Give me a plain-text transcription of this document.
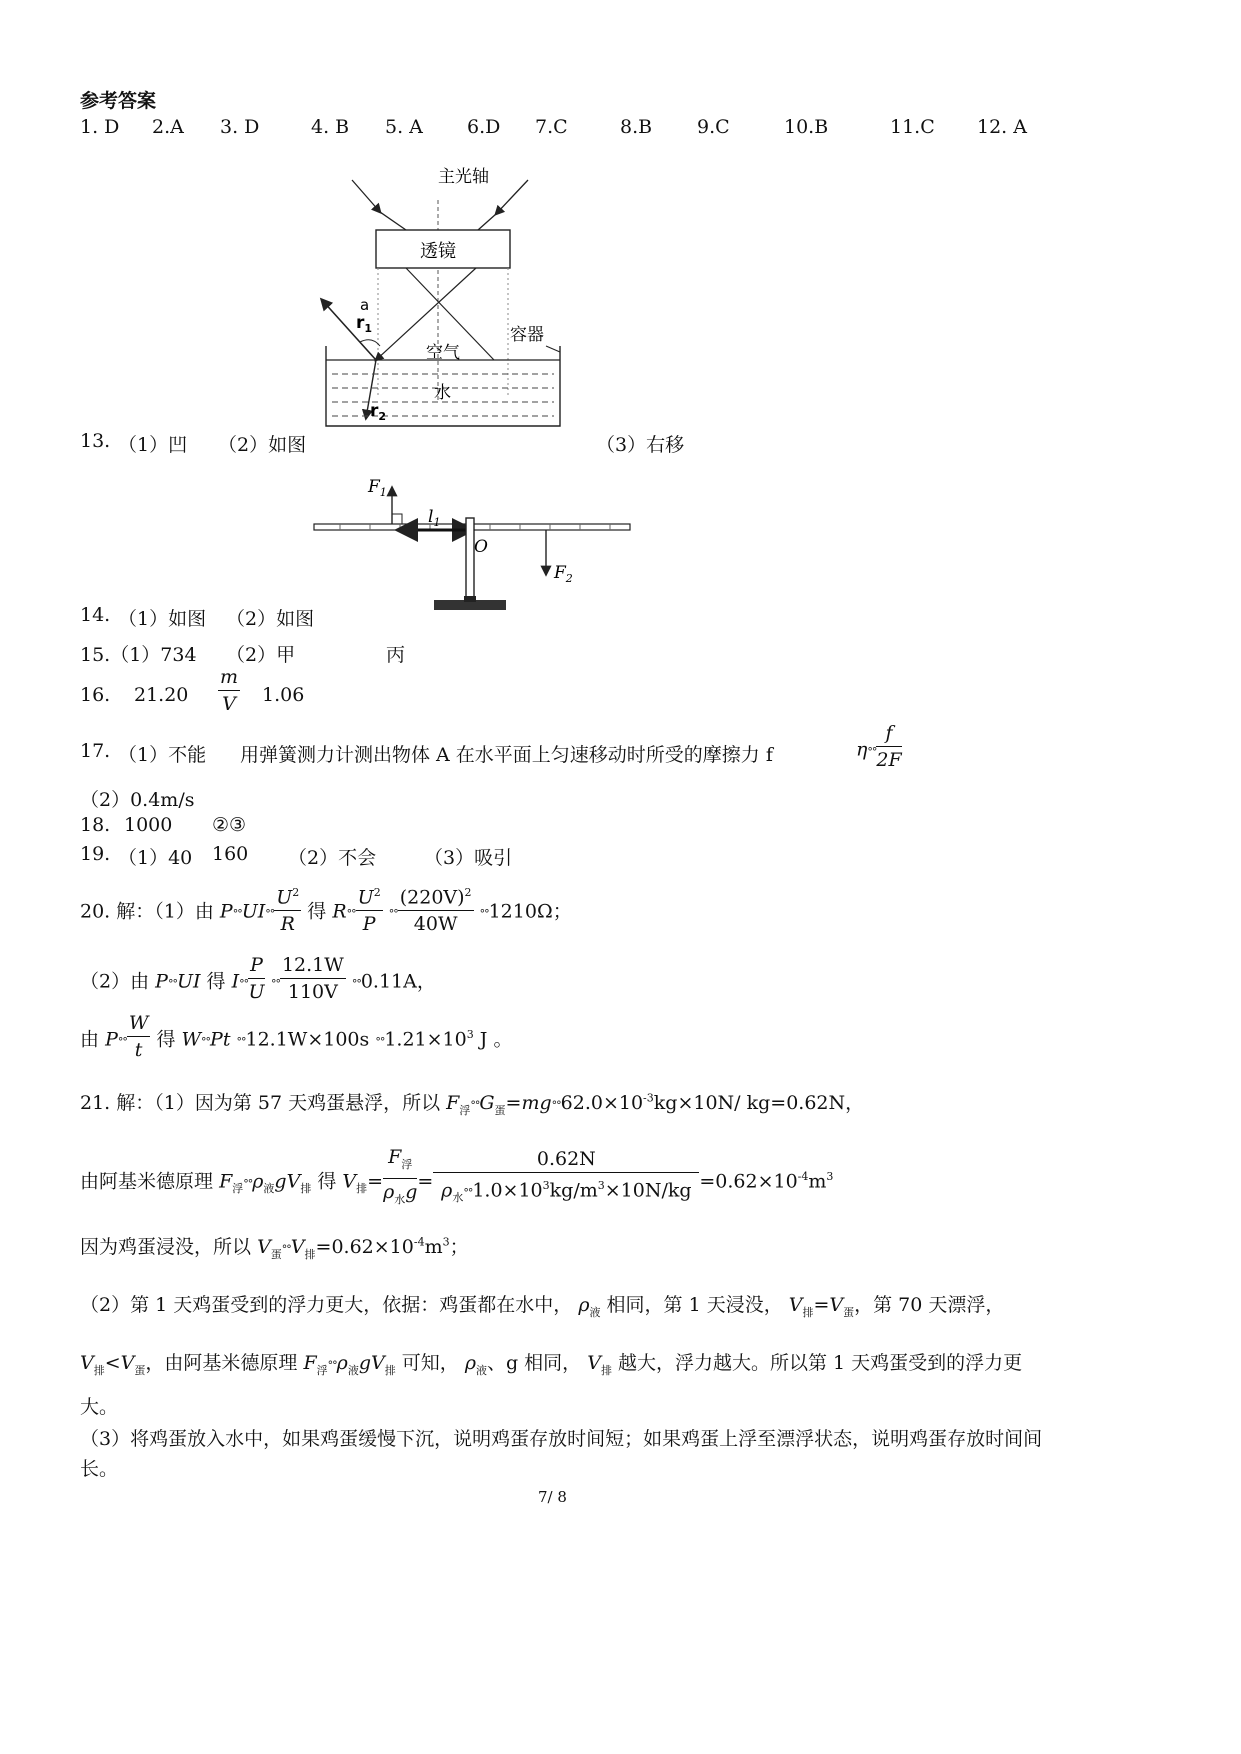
参考答案
1. D 2.A 3. D	4. B 5. A 6.D 7.C	8.B 9.C	10.B	11.C 12. A
主光轴
透镜
a
$r_1$
空气
容器
水
$r_2$
13. （1）凹 （2）如图	（3）右移
$F_1$
$l_1$
O
$F_2$
14. （1）如图 （2）如图
15.（1）734 （2）甲	丙
16. $21.20 \frac{m}{V} 1.06$
17. （1）不能 用弹簧测力计测出物体 A 在水平面上匀速移动时所受的摩擦力 f	$\eta^\circ^\circ \frac{f}{2F}$
（2）0.4m/s
18. 1000 ②③
19. （1）40 160 （2）不会	（3）吸引
20. 解：（1）由 $P^\circ^\circ UI^\circ^\circ \frac{U^2}{R}$ 得 $R^\circ^\circ \frac{U^2}{P}$ °° $\frac{(220V)^2}{40W} ^\circ^\circ 1210\Omega$；
（2）由 P°°UI 得 $I^\circ^\circ \frac{P}{U}$ °° $\frac{12.1W}{110V} ^\circ^\circ 0.11A$，
由 $P^\circ^\circ \frac{W}{t}$ 得 W°°Pt °°12.1W×100s $^\circ^\circ 1.21\times 10^3$ J 。
21. 解：（1）因为第 57 天鸡蛋悬浮，所以 $F_浮^\circ^\circ G_蛋=mg^\circ^\circ 62.0\times 10^{-3}kg\times 10N/$ kg=0.62N，
由阿基米德原理 $F_浮^\circ^\circ\rho_液gV_排$ 得 $V_排= \frac{F_浮}{\rho_水g} = \frac{0.62N}{\rho_水^\circ^\circ 1.0\times 10^3kg/m^3\times 10N/kg} =0.62\times 10^{-4}m^3$
因为鸡蛋浸没，所以 $V_蛋^\circ^\circ V_排=0.62\times 10^{-4}m^3$；
（2）第 1 天鸡蛋受到的浮力更大，依据：鸡蛋都在水中， $\rho_液$ 相同，第 1 天浸没， $V_排=V_蛋$，第 70 天漂浮，
$V_排<V_蛋$，由阿基米德原理 $F_浮^\circ^\circ\rho_液gV_排$ 可知， $\rho_液$、g 相同， $V_排$ 越大，浮力越大。所以第 1 天鸡蛋受到的浮力更
大。
（3）将鸡蛋放入水中，如果鸡蛋缓慢下沉，说明鸡蛋存放时间短；如果鸡蛋上浮至漂浮状态，说明鸡蛋存放时间间
长。
7/ 8
